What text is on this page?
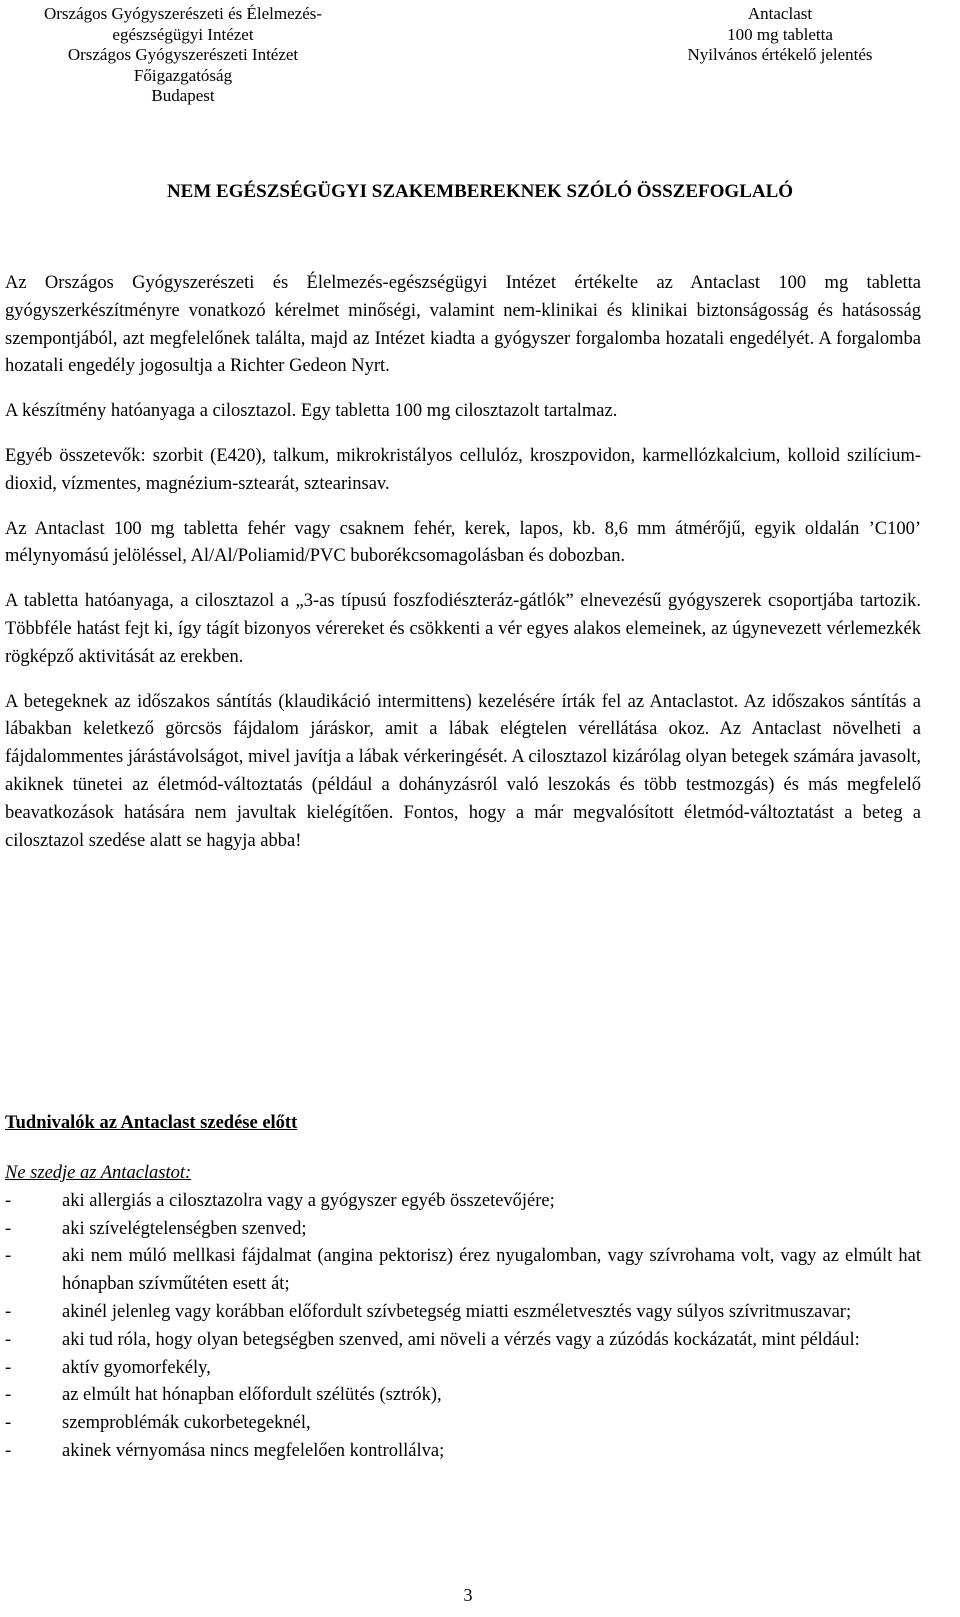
Országos Gyógyszerészeti és Élelmezés-
egészségügyi Intézet
Országos Gyógyszerészeti Intézet
Főigazgatóság
Budapest
Antaclast
100 mg tabletta
Nyilvános értékelő jelentés
NEM EGÉSZSÉGÜGYI SZAKEMBEREKNEK SZÓLÓ ÖSSZEFOGLALÓ

Az Országos Gyógyszerészeti és Élelmezés-egészségügyi Intézet értékelte az Antaclast 100 mg tabletta gyógyszerkészítményre vonatkozó kérelmet minőségi, valamint nem-klinikai és klinikai biztonságosság és hatásosság szempontjából, azt megfelelőnek találta, majd az Intézet kiadta a gyógyszer forgalomba hozatali engedélyét. A forgalomba hozatali engedély jogosultja a Richter Gedeon Nyrt.

A készítmény hatóanyaga a cilosztazol. Egy tabletta 100 mg cilosztazolt tartalmaz.

Egyéb összetevők: szorbit (E420), talkum, mikrokristályos cellulóz, kroszpovidon, karmellózkalcium, kolloid szilícium-dioxid, vízmentes, magnézium-sztearát, sztearinsav.

Az Antaclast 100 mg tabletta fehér vagy csaknem fehér, kerek, lapos, kb. 8,6 mm átmérőjű, egyik oldalán ’C100’ mélynyomású jelöléssel, Al/Al/Poliamid/PVC buborékcsomagolásban és dobozban.

A tabletta hatóanyaga, a cilosztazol a „3-as típusú foszfodiészteráz-gátlók” elnevezésű gyógyszerek csoportjába tartozik. Többféle hatást fejt ki, így tágít bizonyos vérereket és csökkenti a vér egyes alakos elemeinek, az úgynevezett vérlemezkék rögképző aktivitását az erekben.

A betegeknek az időszakos sántítás (klaudikáció intermittens) kezelésére írták fel az Antaclastot. Az időszakos sántítás a lábakban keletkező görcsös fájdalom járáskor, amit a lábak elégtelen vérellátása okoz. Az Antaclast növelheti a fájdalommentes járástávolságot, mivel javítja a lábak vérkeringését. A cilosztazol kizárólag olyan betegek számára javasolt, akiknek tünetei az életmód-változtatás (például a dohányzásról való leszokás és több testmozgás) és más megfelelő beavatkozások hatására nem javultak kielégítően. Fontos, hogy a már megvalósított életmód-változtatást a beteg a cilosztazol szedése alatt se hagyja abba!

Tudnivalók az Antaclast szedése előtt
Ne szedje az Antaclastot:
-	aki allergiás a cilosztazolra vagy a gyógyszer egyéb összetevőjére;
-	aki szívelégtelenségben szenved;
-	aki nem múló mellkasi fájdalmat (angina pektorisz) érez nyugalomban, vagy szívrohama volt, vagy az elmúlt hat hónapban szívműtéten esett át;
-	akinél jelenleg vagy korábban előfordult szívbetegség miatti eszméletvesztés vagy súlyos szívritmuszavar;
-	aki tud róla, hogy olyan betegségben szenved, ami növeli a vérzés vagy a zúzódás kockázatát, mint például:
-	aktív gyomorfekély,
-	az elmúlt hat hónapban előfordult szélütés (sztrók),
-	szemproblémák cukorbetegeknél,
-	akinek vérnyomása nincs megfelelően kontrollálva;
3
